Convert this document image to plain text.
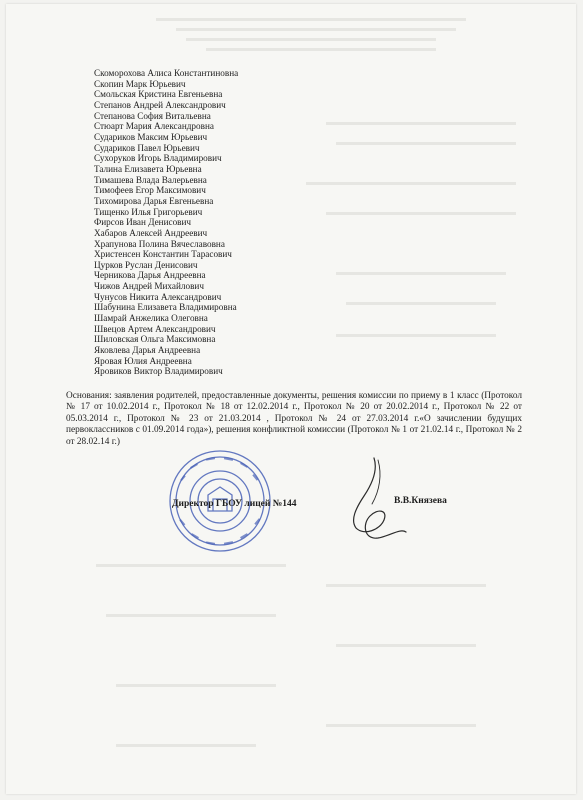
Скоморохова Алиса Константиновна
Скопин Марк Юрьевич
Смольская Кристина Евгеньевна
Степанов Андрей Александрович
Степанова София Витальевна
Стюарт Мария Александровна
Судариков Максим Юрьевич
Судариков Павел Юрьевич
Сухоруков Игорь Владимирович
Талина Елизавета Юрьевна
Тимашева Влада Валерьевна
Тимофеев Егор Максимович
Тихомирова Дарья Евгеньевна
Тищенко Илья Григорьевич
Фирсов Иван Денисович
Хабаров Алексей Андреевич
Храпунова Полина Вячеславовна
Христенсен Константин Тарасович
Цурков Руслан Денисович
Черникова Дарья Андреевна
Чижов Андрей Михайлович
Чунусов Никита Александрович
Шабунина Елизавета Владимировна
Шамрай Анжелика Олеговна
Швецов Артем Александрович
Шиловская Ольга Максимовна
Яковлева Дарья Андреевна
Яровая Юлия Андреевна
Яровиков Виктор Владимирович

Основания: заявления родителей, предоставленные документы, решения комиссии по приему в 1 класс (Протокол № 17 от 10.02.2014 г., Протокол № 18 от 12.02.2014 г., Протокол № 20 от 20.02.2014 г., Протокол № 22 от 05.03.2014 г., Протокол № 23 от 21.03.2014 , Протокол № 24 от 27.03.2014 г.«О зачислении будущих первоклассников с 01.09.2014 года»), решения конфликтной комиссии (Протокол № 1 от 21.02.14 г., Протокол № 2 от 28.02.14 г.)

Директор ГБОУ лицей №144	В.В.Князева
